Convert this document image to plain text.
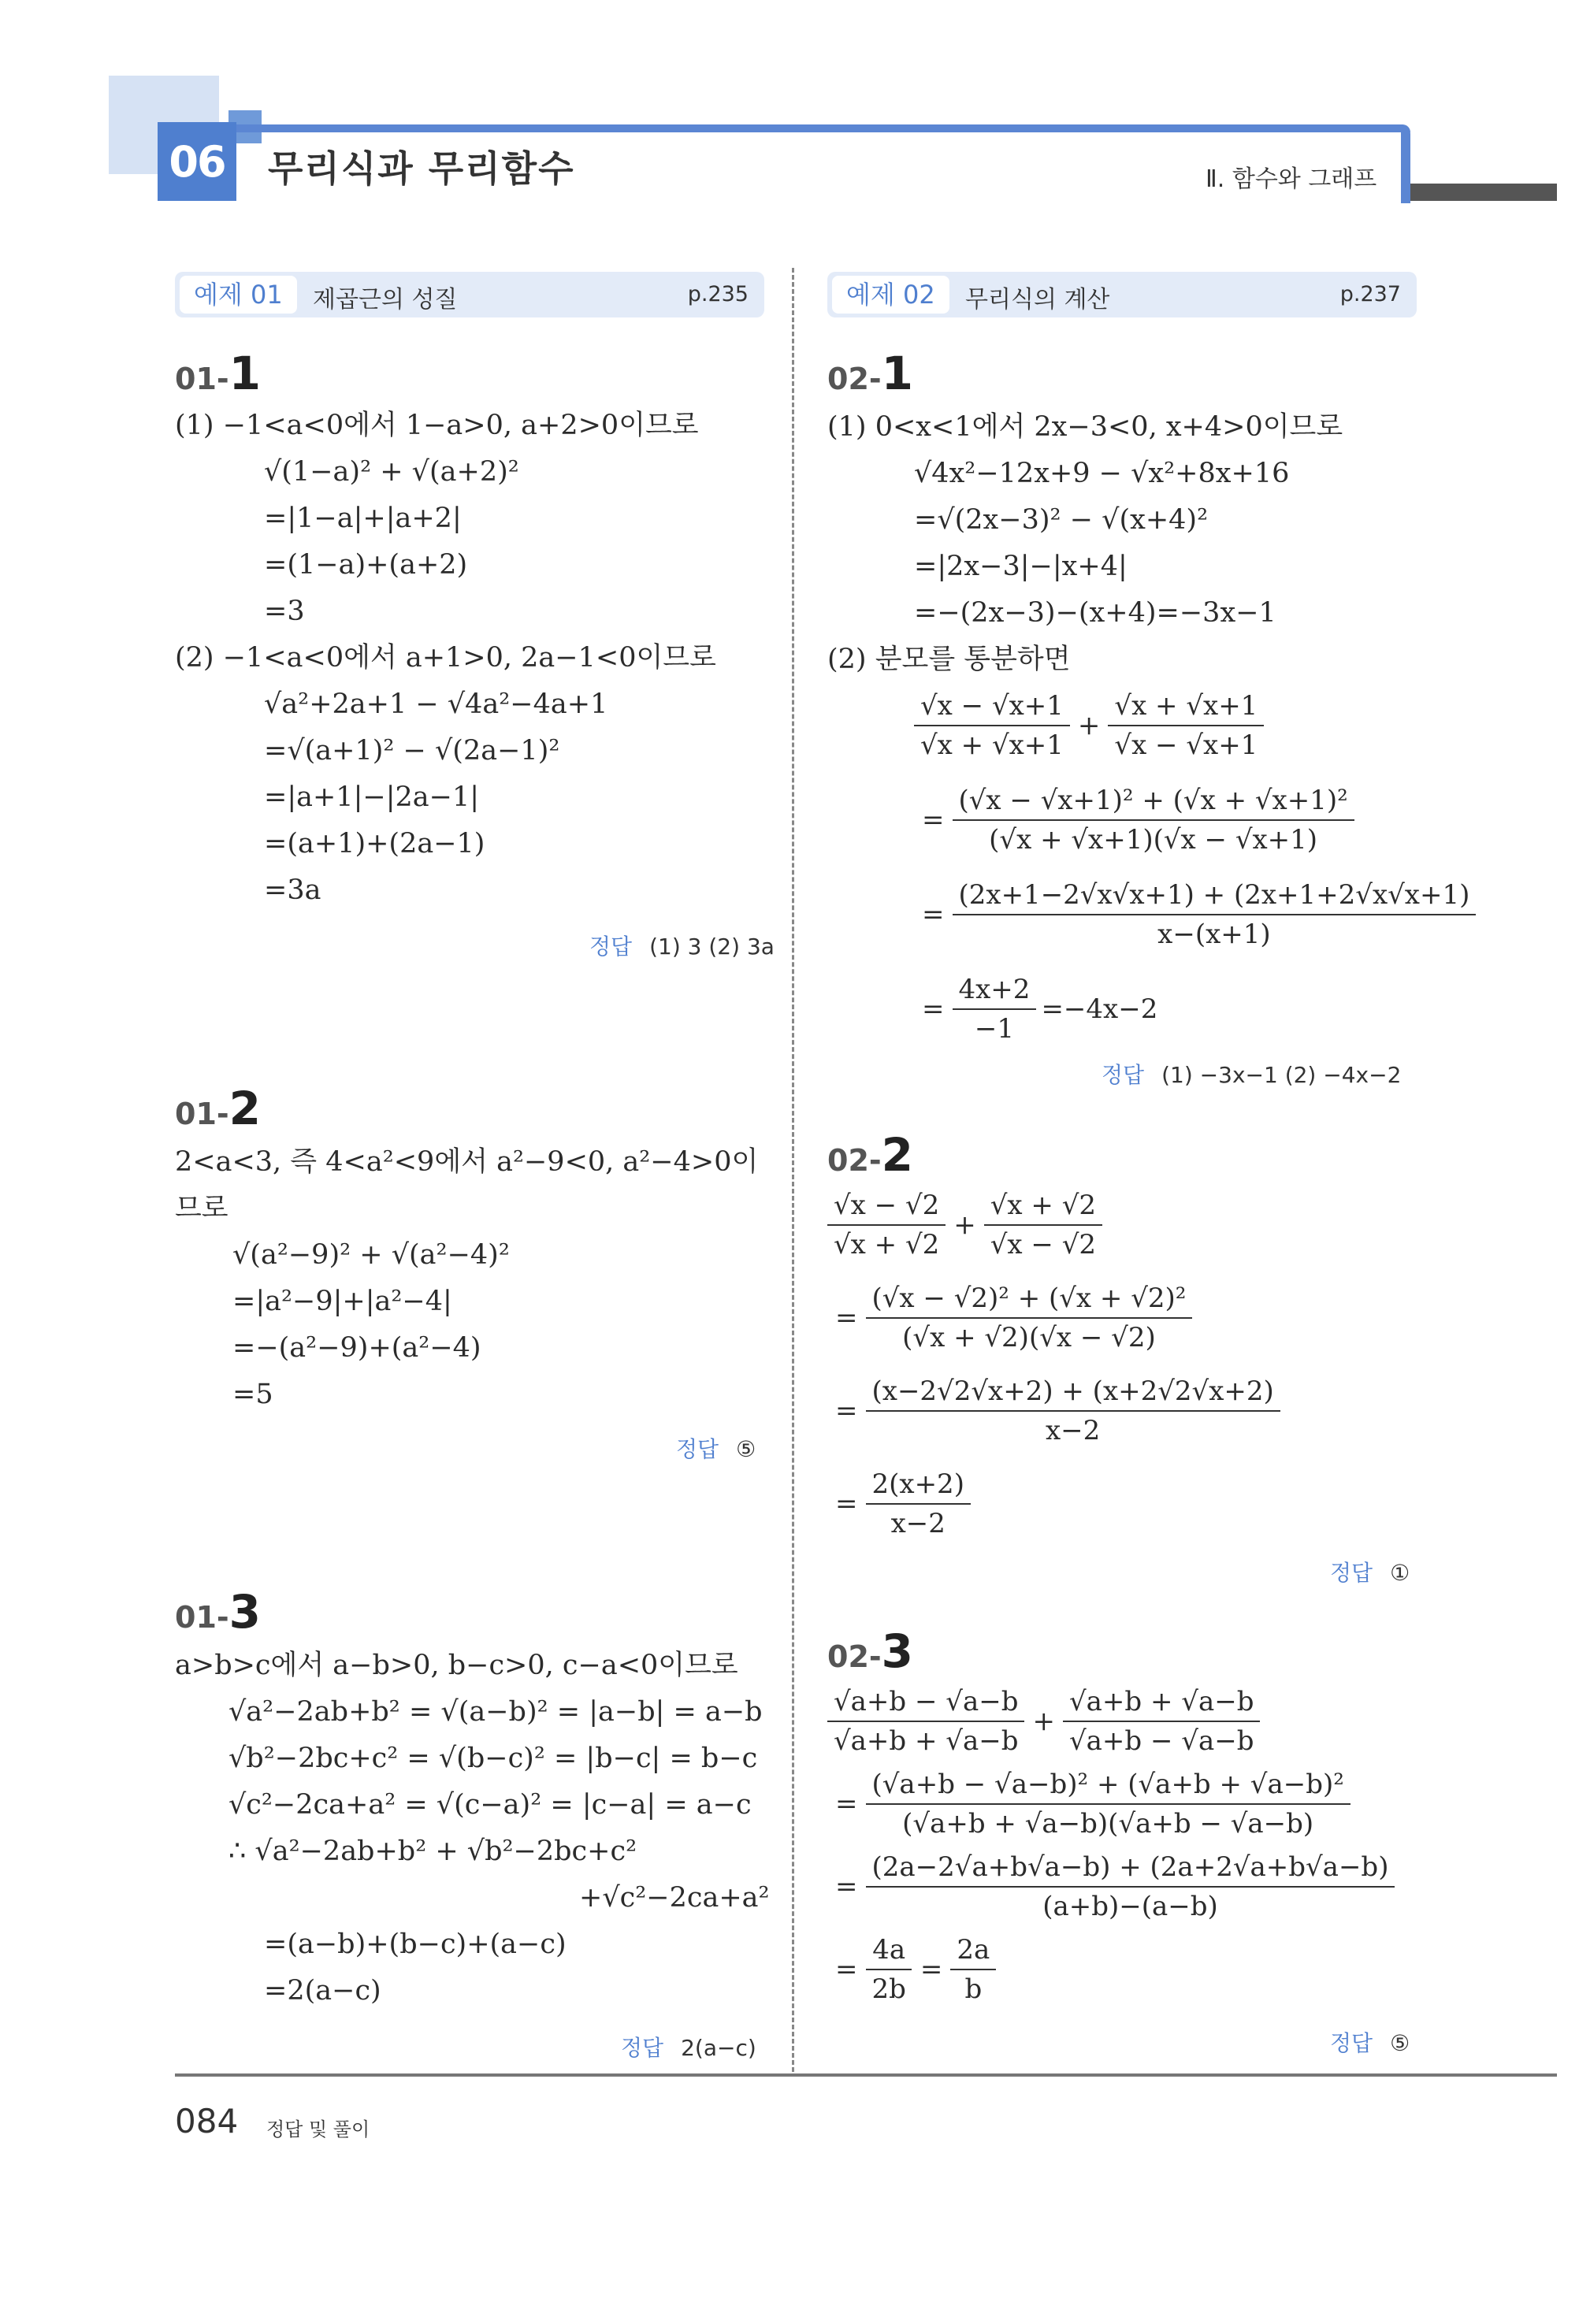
06	무리식과 무리함수	Ⅱ. 함수와 그래프
예제 01	제곱근의 성질	p.235	예제 02	무리식의 계산	p.237
01-1
(1) −1<a<0에서 1−a>0, a+2>0이므로
√(1−a)² + √(a+2)²
=|1−a|+|a+2|
=(1−a)+(a+2)
=3
(2) −1<a<0에서 a+1>0, 2a−1<0이므로
√a²+2a+1 − √4a²−4a+1
=√(a+1)² − √(2a−1)²
=|a+1|−|2a−1|
=(a+1)+(2a−1)
=3a
정답 (1) 3 (2) 3a
01-2
2<a<3, 즉 4<a²<9에서 a²−9<0, a²−4>0이
므로
√(a²−9)² + √(a²−4)²
=|a²−9|+|a²−4|
=−(a²−9)+(a²−4)
=5
정답 ⑤
01-3
a>b>c에서 a−b>0, b−c>0, c−a<0이므로
√a²−2ab+b² = √(a−b)² = |a−b| = a−b
√b²−2bc+c² = √(b−c)² = |b−c| = b−c
√c²−2ca+a² = √(c−a)² = |c−a| = a−c
∴ √a²−2ab+b² + √b²−2bc+c²
+√c²−2ca+a²
=(a−b)+(b−c)+(a−c)
=2(a−c)
정답 2(a−c)
02-1
(1) 0<x<1에서 2x−3<0, x+4>0이므로
√4x²−12x+9 − √x²+8x+16
=√(2x−3)² − √(x+4)²
=|2x−3|−|x+4|
=−(2x−3)−(x+4)=−3x−1
(2) 분모를 통분하면
$\frac{√x - √x+1}{√x + √x+1} + \frac{√x + √x+1}{√x - √x+1}$
= $\frac{\text{(√x − √x+1)² + (√x + √x+1)²}}{(√x + √x+1)(√x - √x+1)}$
= $\frac{(2x+1-2√x√x+1) + (2x+1+2√x√x+1)}{x-(x+1)}$
= $\frac{4x+2}{-1} =-4x-2$
정답 (1) −3x−1 (2) −4x−2
02-2
$\frac{√x - √2}{√x + √2} + \frac{√x + √2}{√x - √2}$
= $\frac{\text{(√x − √2)² + (√x + √2)²}}{(√x + √2)(√x - √2)}$
= $\frac{(x-2√2√x+2) + (x+2√2√x+2)}{x-2}$
= $\frac{2(x+2)}{x-2}$
정답 ①
02-3
$\frac{√a+b - √a-b}{√a+b + √a-b} + \frac{√a+b + √a-b}{√a+b - √a-b}$
= $\frac{\text{(√a+b − √a−b)² + (√a+b + √a−b)²}}{(√a+b + √a-b)(√a+b - √a-b)}$
= $\frac{(2a-2√a+b√a-b) + (2a+2√a+b√a-b)}{(a+b)-(a-b)}$
= $\frac{4a}{2b} = \frac{2a}{b}$
정답 ⑤
084 정답 및 풀이
